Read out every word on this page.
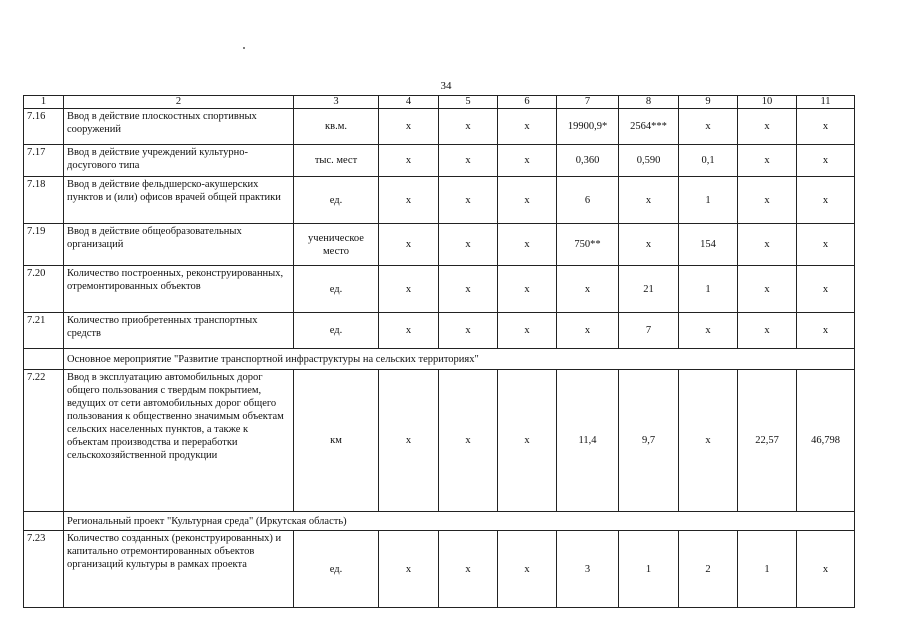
34
1	2	3	4	5	6	7	8	9	10	11
7.16	Ввод в действие плоскостных спортивных сооружений	кв.м.	х	х	х	19900,9*	2564***	х	х	х
7.17	Ввод в действие учреждений культурно-досугового типа	тыс. мест	х	х	х	0,360	0,590	0,1	х	х
7.18	Ввод в действие фельдшерско-акушерских пунктов и (или) офисов врачей общей практики	ед.	х	х	х	6	х	1	х	х
7.19	Ввод в действие общеобразовательных организаций	ученическое место	х	х	х	750**	х	154	х	х
7.20	Количество построенных, реконструированных, отремонтированных объектов	ед.	х	х	х	х	21	1	х	х
7.21	Количество приобретенных транспортных средств	ед.	х	х	х	х	7	х	х	х
	Основное мероприятие "Развитие транспортной инфраструктуры на сельских территориях"									
7.22	Ввод в эксплуатацию автомобильных дорог общего пользования с твердым покрытием, ведущих от сети автомобильных дорог общего пользования к общественно значимым объектам сельских населенных пунктов, а также к объектам производства и переработки сельскохозяйственной продукции	км	х	х	х	11,4	9,7	х	22,57	46,798
	Региональный проект "Культурная среда" (Иркутская область)									
7.23	Количество созданных (реконструированных) и капитально отремонтированных объектов организаций культуры в рамках проекта	ед.	х	х	х	3	1	2	1	х
